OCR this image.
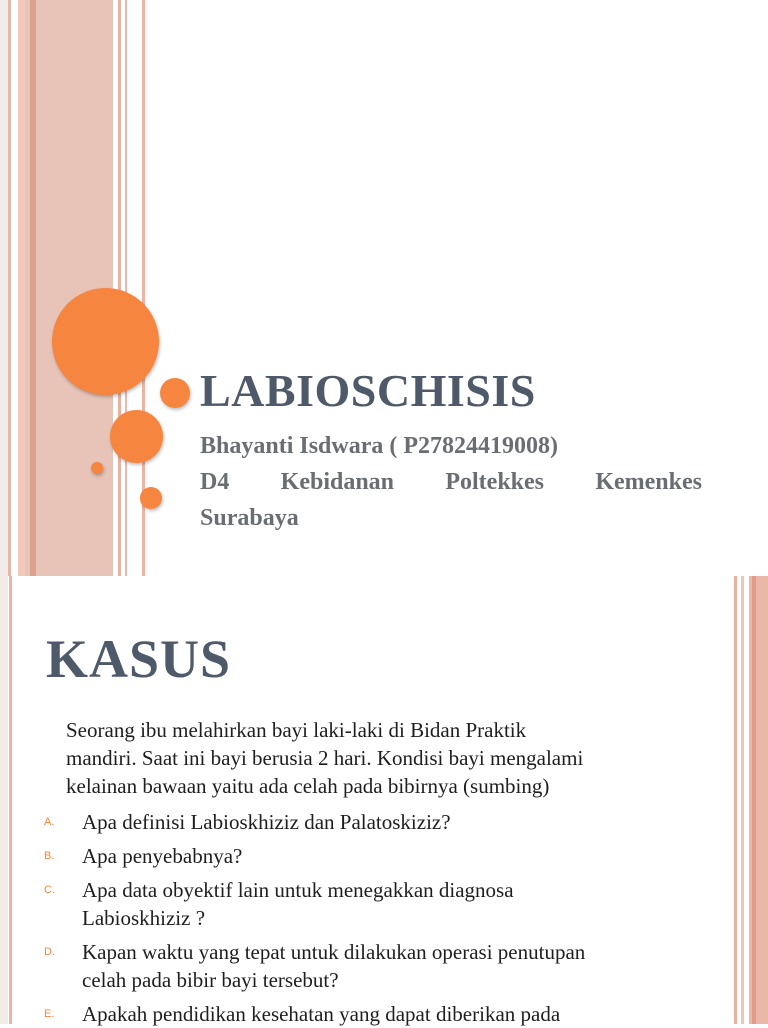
LABIOSCHISIS
Bhayanti Isdwara ( P27824419008)
D4 Kebidanan Poltekkes Kemenkes
Surabaya
KASUS

Seorang ibu melahirkan bayi laki-laki di Bidan Praktik
mandiri. Saat ini bayi berusia 2 hari. Kondisi bayi mengalami
kelainan bawaan yaitu ada celah pada bibirnya (sumbing)

A. Apa definisi Labioskhiziz dan Palatoskiziz?
B. Apa penyebabnya?
C. Apa data obyektif lain untuk menegakkan diagnosa
Labioskhiziz ?
D. Kapan waktu yang tepat untuk dilakukan operasi penutupan
celah pada bibir bayi tersebut?
E. Apakah pendidikan kesehatan yang dapat diberikan pada
